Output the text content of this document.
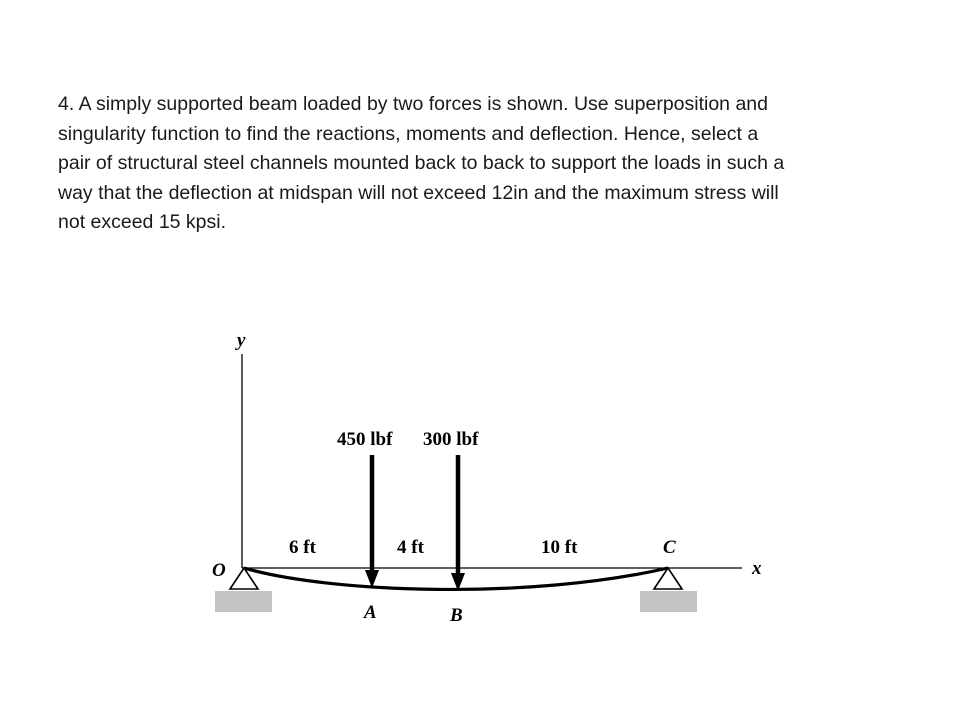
4. A simply supported beam loaded by two forces is shown. Use superposition and
singularity function to find the reactions, moments and deflection. Hence, select a
pair of structural steel channels mounted back to back to support the loads in such a
way that the deflection at midspan will not exceed 12in and the maximum stress will
not exceed 15 kpsi.
y
x
450 lbf 300 lbf
6 ft	4 ft	10 ft	C
O
A	B
